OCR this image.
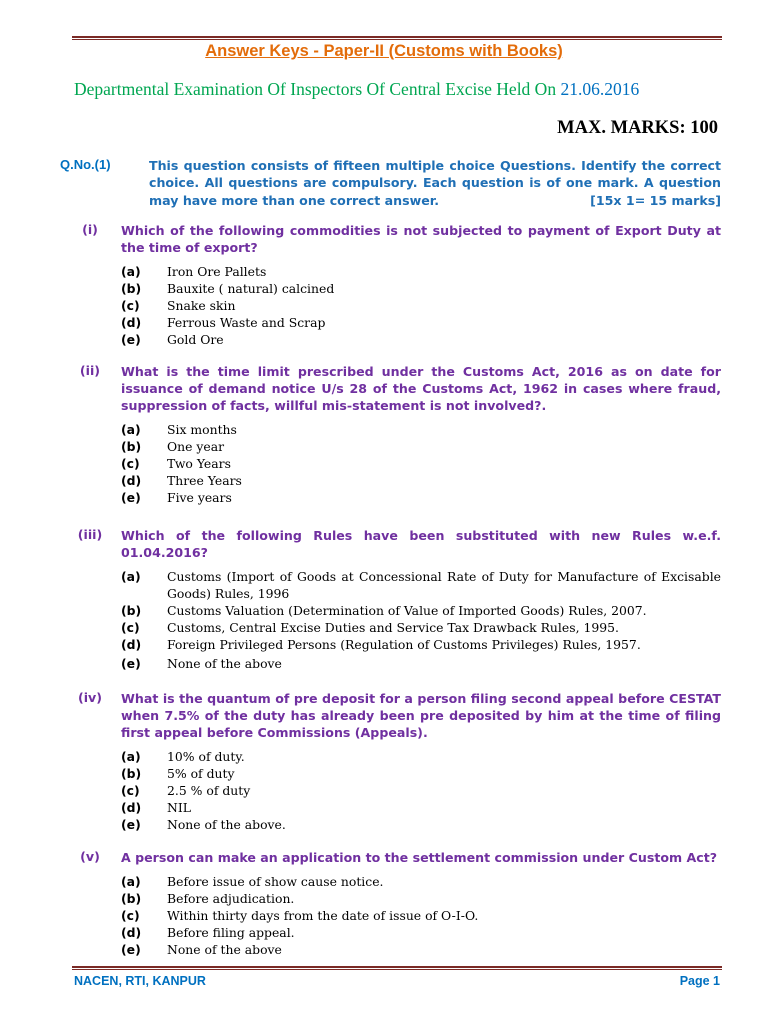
Answer Keys - Paper-II (Customs with Books)
Departmental Examination Of Inspectors Of Central Excise Held On 21.06.2016
MAX. MARKS: 100
Q.No.(1)	This question consists of fifteen multiple choice Questions. Identify the correct choice. All questions are compulsory. Each question is of one mark. A question may have more than one correct answer.	[15x 1= 15 marks]
(i)	Which of the following commodities is not subjected to payment of Export Duty at the time of export?
(a) Iron Ore Pallets
(b) Bauxite ( natural) calcined
(c) Snake skin
(d) Ferrous Waste and Scrap
(e) Gold Ore
(ii)	What is the time limit prescribed under the Customs Act, 2016 as on date for issuance of demand notice U/s 28 of the Customs Act, 1962 in cases where fraud, suppression of facts, willful mis-statement is not involved?.
(a) Six months
(b) One year
(c) Two Years
(d) Three Years
(e) Five years
(iii)	Which of the following Rules have been substituted with new Rules w.e.f. 01.04.2016?
(a) Customs (Import of Goods at Concessional Rate of Duty for Manufacture of Excisable Goods) Rules, 1996
(b) Customs Valuation (Determination of Value of Imported Goods) Rules, 2007.
(c) Customs, Central Excise Duties and Service Tax Drawback Rules, 1995.
(d) Foreign Privileged Persons (Regulation of Customs Privileges) Rules, 1957.
(e) None of the above
(iv)	What is the quantum of pre deposit for a person filing second appeal before CESTAT when 7.5% of the duty has already been pre deposited by him at the time of filing first appeal before Commissions (Appeals).
(a) 10% of duty.
(b) 5% of duty
(c) 2.5 % of duty
(d) NIL
(e) None of the above.
(v)	A person can make an application to the settlement commission under Custom Act?
(a) Before issue of show cause notice.
(b) Before adjudication.
(c) Within thirty days from the date of issue of O-I-O.
(d) Before filing appeal.
(e) None of the above
NACEN, RTI, KANPUR	Page 1
